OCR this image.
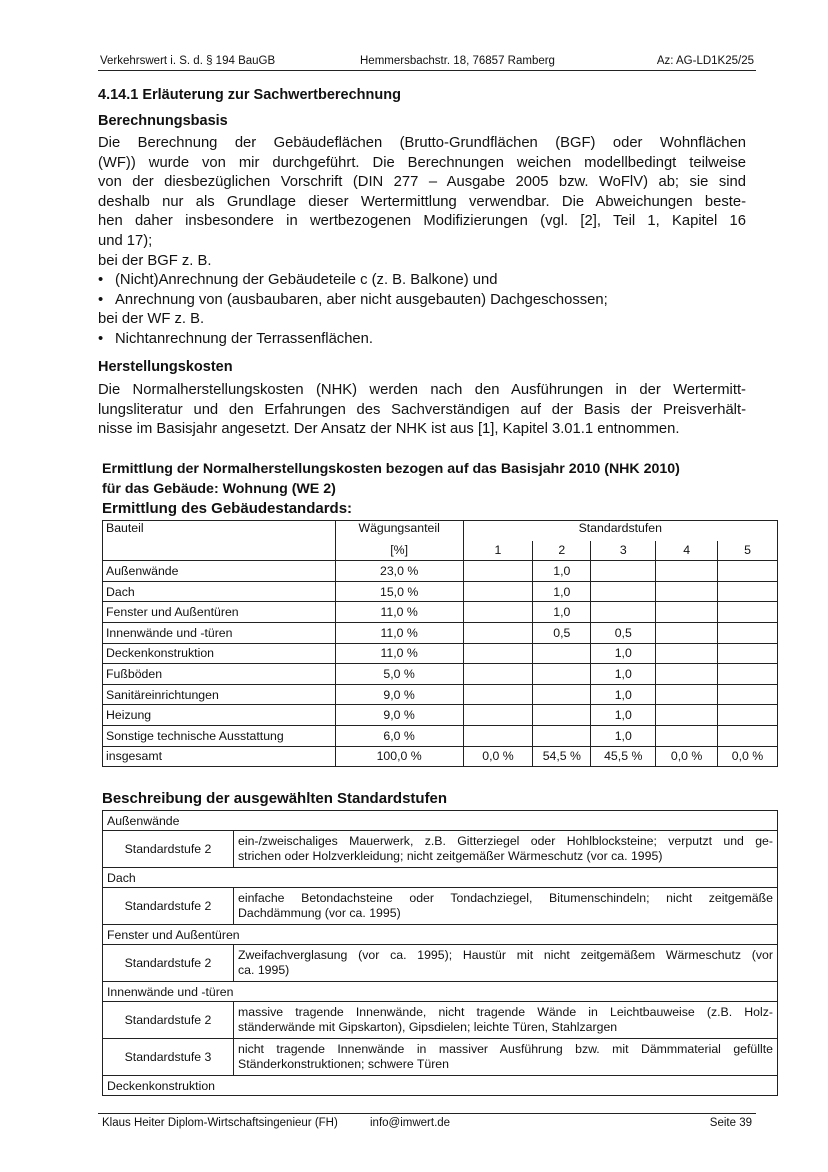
Verkehrswert i. S. d. § 194 BauGB	Hemmersbachstr. 18, 76857 Ramberg	Az: AG-LD1K25/25
4.14.1 Erläuterung zur Sachwertberechnung
Berechnungsbasis
Die Berechnung der Gebäudeflächen (Brutto-Grundflächen (BGF) oder Wohnflächen
(WF)) wurde von mir durchgeführt. Die Berechnungen weichen modellbedingt teilweise
von der diesbezüglichen Vorschrift (DIN 277 – Ausgabe 2005 bzw. WoFlV) ab; sie sind
deshalb nur als Grundlage dieser Wertermittlung verwendbar. Die Abweichungen beste-
hen daher insbesondere in wertbezogenen Modifizierungen (vgl. [2], Teil 1, Kapitel 16
und 17);
bei der BGF z. B.
• (Nicht)Anrechnung der Gebäudeteile c (z. B. Balkone) und
• Anrechnung von (ausbaubaren, aber nicht ausgebauten) Dachgeschossen;
bei der WF z. B.
• Nichtanrechnung der Terrassenflächen.
Herstellungskosten
Die Normalherstellungskosten (NHK) werden nach den Ausführungen in der Wertermitt-
lungsliteratur und den Erfahrungen des Sachverständigen auf der Basis der Preisverhält-
nisse im Basisjahr angesetzt. Der Ansatz der NHK ist aus [1], Kapitel 3.01.1 entnommen.
Ermittlung der Normalherstellungskosten bezogen auf das Basisjahr 2010 (NHK 2010)
für das Gebäude: Wohnung (WE 2)
Ermittlung des Gebäudestandards:
Bauteil	Wägungsanteil	Standardstufen				
	[%]	1	2	3	4	5
Außenwände	23,0 %		1,0			
Dach	15,0 %		1,0			
Fenster und Außentüren	11,0 %		1,0			
Innenwände und -türen	11,0 %		0,5	0,5		
Deckenkonstruktion	11,0 %			1,0		
Fußböden	5,0 %			1,0		
Sanitäreinrichtungen	9,0 %			1,0		
Heizung	9,0 %			1,0		
Sonstige technische Ausstattung	6,0 %			1,0		
insgesamt	100,0 %	0,0 %	54,5 %	45,5 %	0,0 %	0,0 %
Beschreibung der ausgewählten Standardstufen
Außenwände	
Standardstufe 2	ein-/zweischaliges Mauerwerk, z.B. Gitterziegel oder Hohlblocksteine; verputzt und ge-
strichen oder Holzverkleidung; nicht zeitgemäßer Wärmeschutz (vor ca. 1995)

Dach	
Standardstufe 2	einfache Betondachsteine oder Tondachziegel, Bitumenschindeln; nicht zeitgemäße
Dachdämmung (vor ca. 1995)

Fenster und Außentüren	
Standardstufe 2	Zweifachverglasung (vor ca. 1995); Haustür mit nicht zeitgemäßem Wärmeschutz (vor
ca. 1995)

Innenwände und -türen	
Standardstufe 2	massive tragende Innenwände, nicht tragende Wände in Leichtbauweise (z.B. Holz-
ständerwände mit Gipskarton), Gipsdielen; leichte Türen, Stahlzargen

Standardstufe 3	nicht tragende Innenwände in massiver Ausführung bzw. mit Dämmmaterial gefüllte
Ständerkonstruktionen; schwere Türen

Deckenkonstruktion	
Klaus Heiter Diplom-Wirtschaftsingenieur (FH)	info@imwert.de	Seite 39
